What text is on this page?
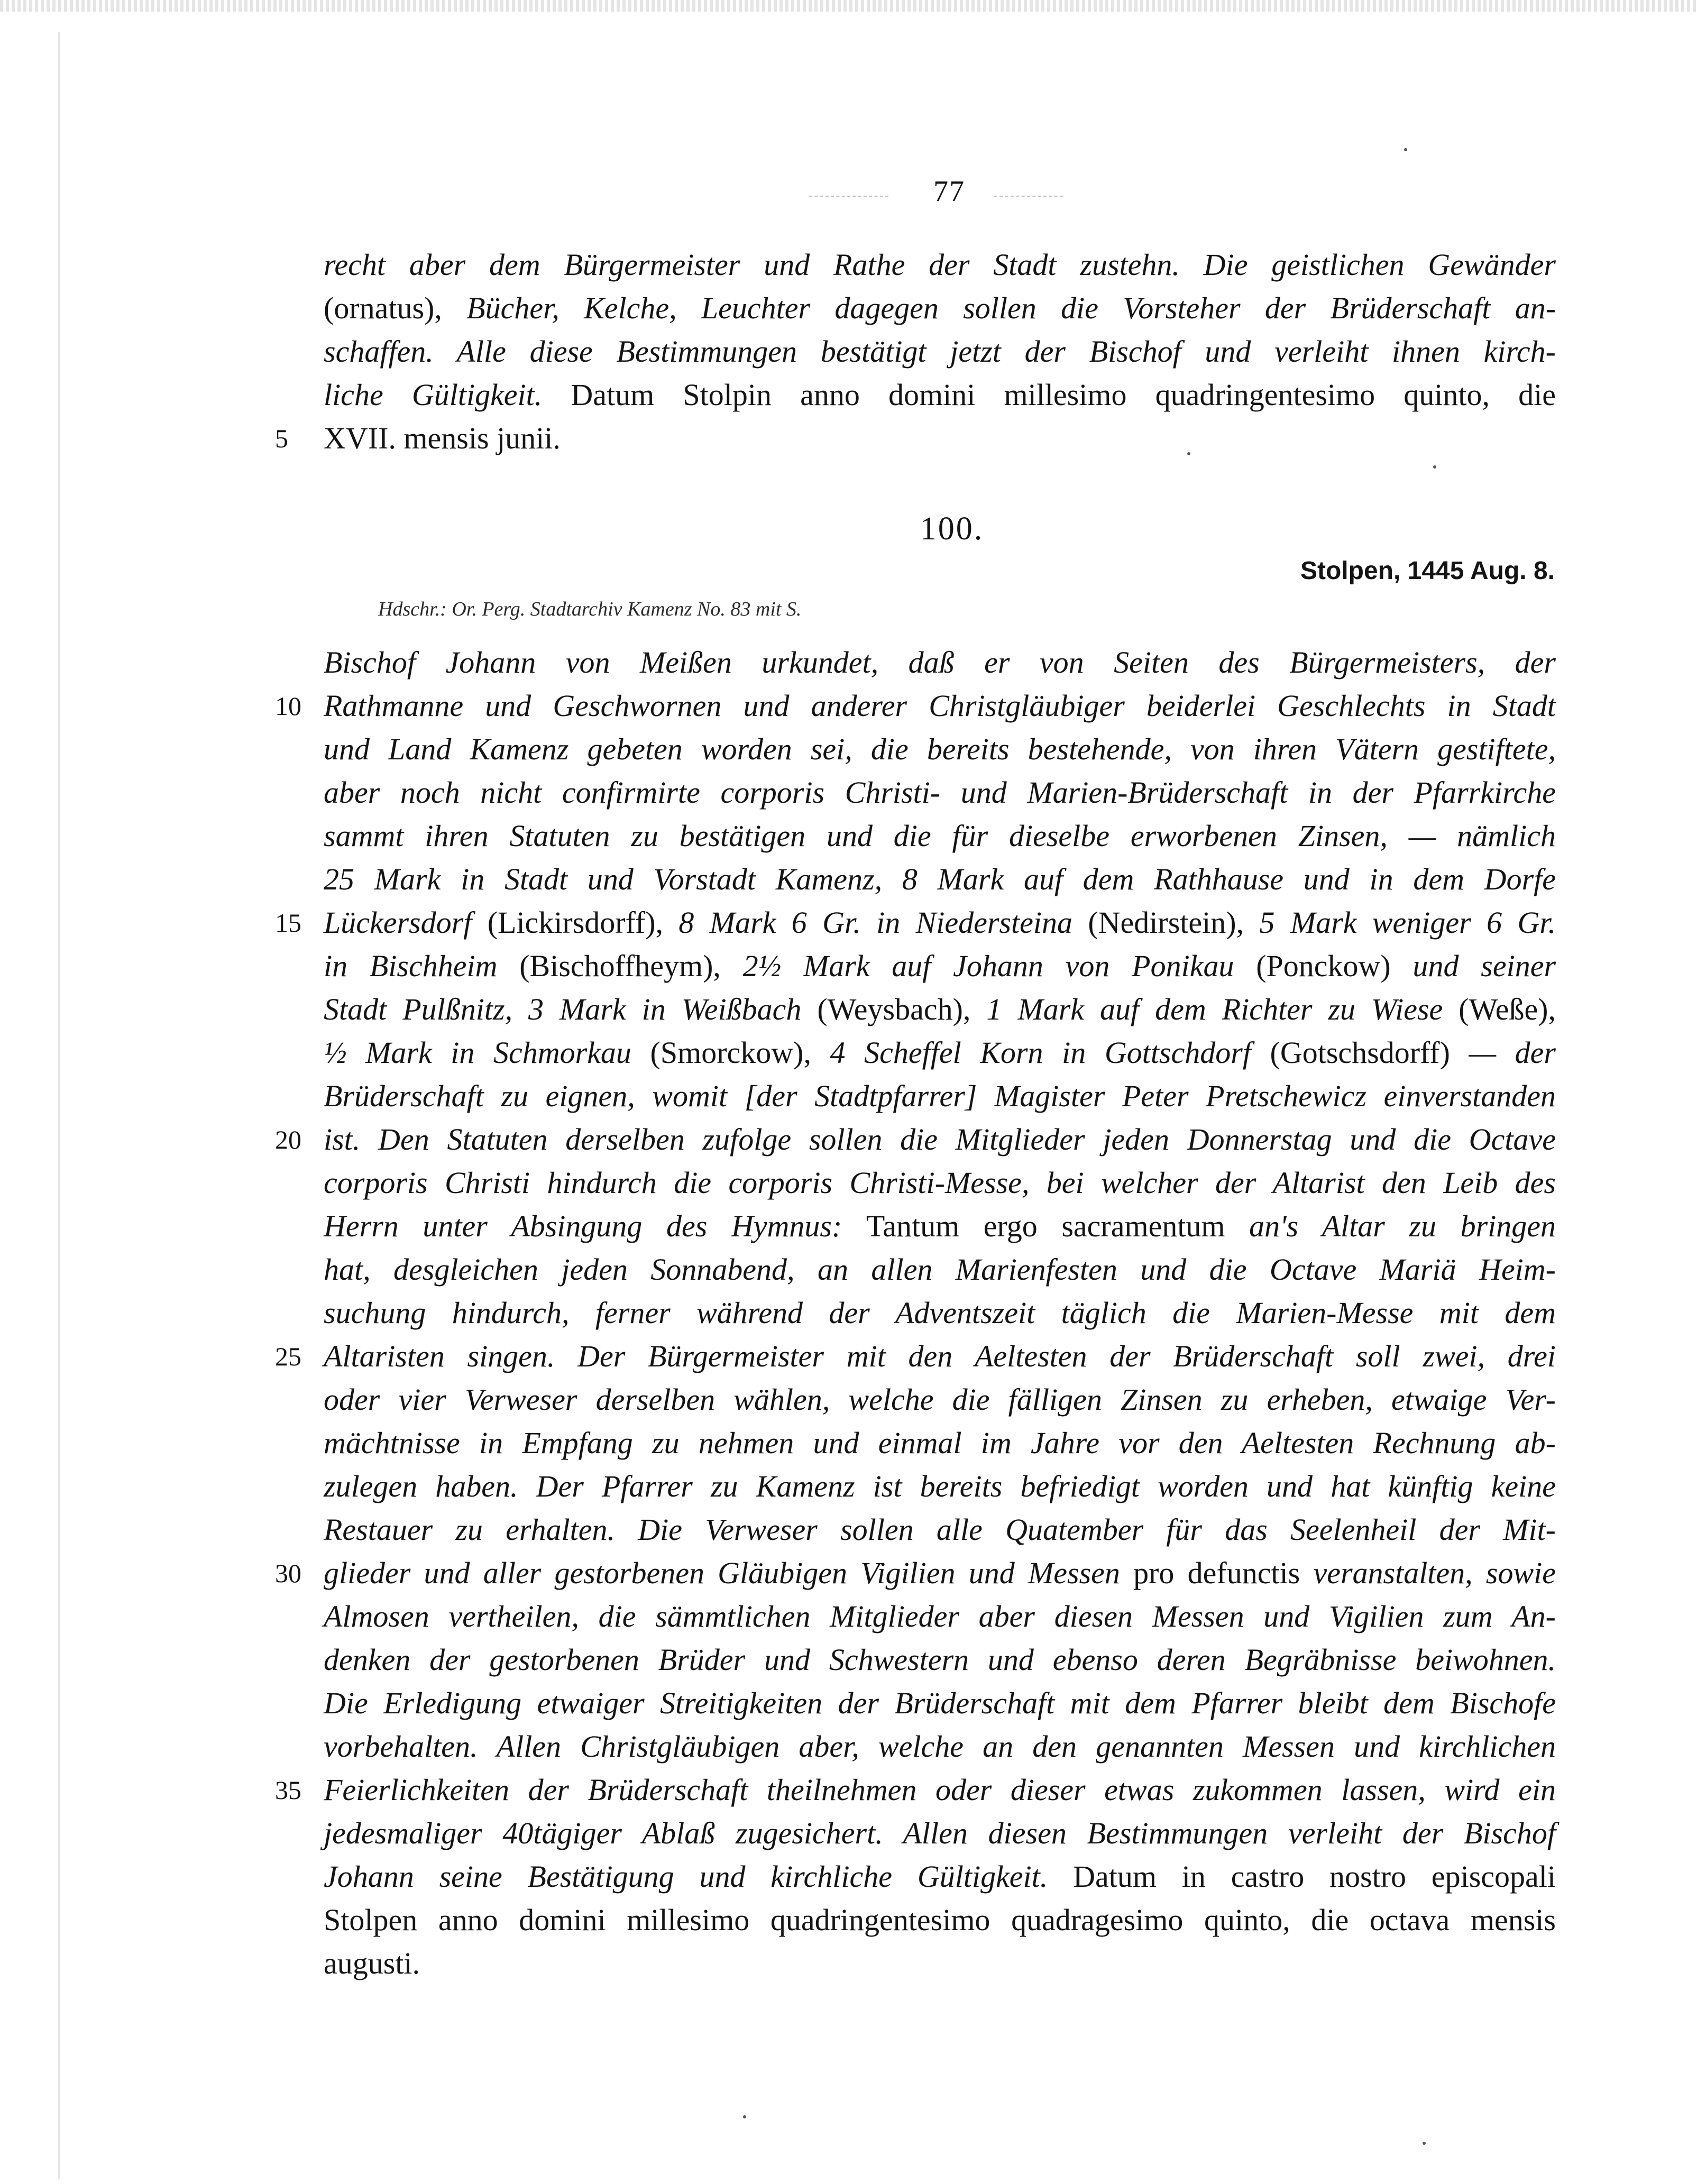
77
recht aber dem Bürgermeister und Rathe der Stadt zustehn. Die geistlichen Gewänder
(ornatus), Bücher, Kelche, Leuchter dagegen sollen die Vorsteher der Brüderschaft an-
schaffen. Alle diese Bestimmungen bestätigt jetzt der Bischof und verleiht ihnen kirch-
liche Gültigkeit. Datum Stolpin anno domini millesimo quadringentesimo quinto, die
XVII. mensis junii.
5
100.
Stolpen, 1445 Aug. 8.
Hdschr.: Or. Perg. Stadtarchiv Kamenz No. 83 mit S.
Bischof Johann von Meißen urkundet, daß er von Seiten des Bürgermeisters, der
Rathmanne und Geschwornen und anderer Christgläubiger beiderlei Geschlechts in Stadt
und Land Kamenz gebeten worden sei, die bereits bestehende, von ihren Vätern gestiftete,
aber noch nicht confirmirte corporis Christi- und Marien-Brüderschaft in der Pfarrkirche
sammt ihren Statuten zu bestätigen und die für dieselbe erworbenen Zinsen, — nämlich
25 Mark in Stadt und Vorstadt Kamenz, 8 Mark auf dem Rathhause und in dem Dorfe
Lückersdorf (Lickirsdorff), 8 Mark 6 Gr. in Niedersteina (Nedirstein), 5 Mark weniger 6 Gr.
in Bischheim (Bischoffheym), 2½ Mark auf Johann von Ponikau (Ponckow) und seiner
Stadt Pulßnitz, 3 Mark in Weißbach (Weysbach), 1 Mark auf dem Richter zu Wiese (Weße),
½ Mark in Schmorkau (Smorckow), 4 Scheffel Korn in Gottschdorf (Gotschsdorff) — der
Brüderschaft zu eignen, womit [der Stadtpfarrer] Magister Peter Pretschewicz einverstanden
ist. Den Statuten derselben zufolge sollen die Mitglieder jeden Donnerstag und die Octave
corporis Christi hindurch die corporis Christi-Messe, bei welcher der Altarist den Leib des
Herrn unter Absingung des Hymnus: Tantum ergo sacramentum an's Altar zu bringen
hat, desgleichen jeden Sonnabend, an allen Marienfesten und die Octave Mariä Heim-
suchung hindurch, ferner während der Adventszeit täglich die Marien-Messe mit dem
Altaristen singen. Der Bürgermeister mit den Aeltesten der Brüderschaft soll zwei, drei
oder vier Verweser derselben wählen, welche die fälligen Zinsen zu erheben, etwaige Ver-
mächtnisse in Empfang zu nehmen und einmal im Jahre vor den Aeltesten Rechnung ab-
zulegen haben. Der Pfarrer zu Kamenz ist bereits befriedigt worden und hat künftig keine
Restauer zu erhalten. Die Verweser sollen alle Quatember für das Seelenheil der Mit-
glieder und aller gestorbenen Gläubigen Vigilien und Messen pro defunctis veranstalten, sowie
Almosen vertheilen, die sämmtlichen Mitglieder aber diesen Messen und Vigilien zum An-
denken der gestorbenen Brüder und Schwestern und ebenso deren Begräbnisse beiwohnen.
Die Erledigung etwaiger Streitigkeiten der Brüderschaft mit dem Pfarrer bleibt dem Bischofe
vorbehalten. Allen Christgläubigen aber, welche an den genannten Messen und kirchlichen
Feierlichkeiten der Brüderschaft theilnehmen oder dieser etwas zukommen lassen, wird ein
jedesmaliger 40tägiger Ablaß zugesichert. Allen diesen Bestimmungen verleiht der Bischof
Johann seine Bestätigung und kirchliche Gültigkeit. Datum in castro nostro episcopali
Stolpen anno domini millesimo quadringentesimo quadragesimo quinto, die octava mensis
augusti.
10
15
20
25
30
35
